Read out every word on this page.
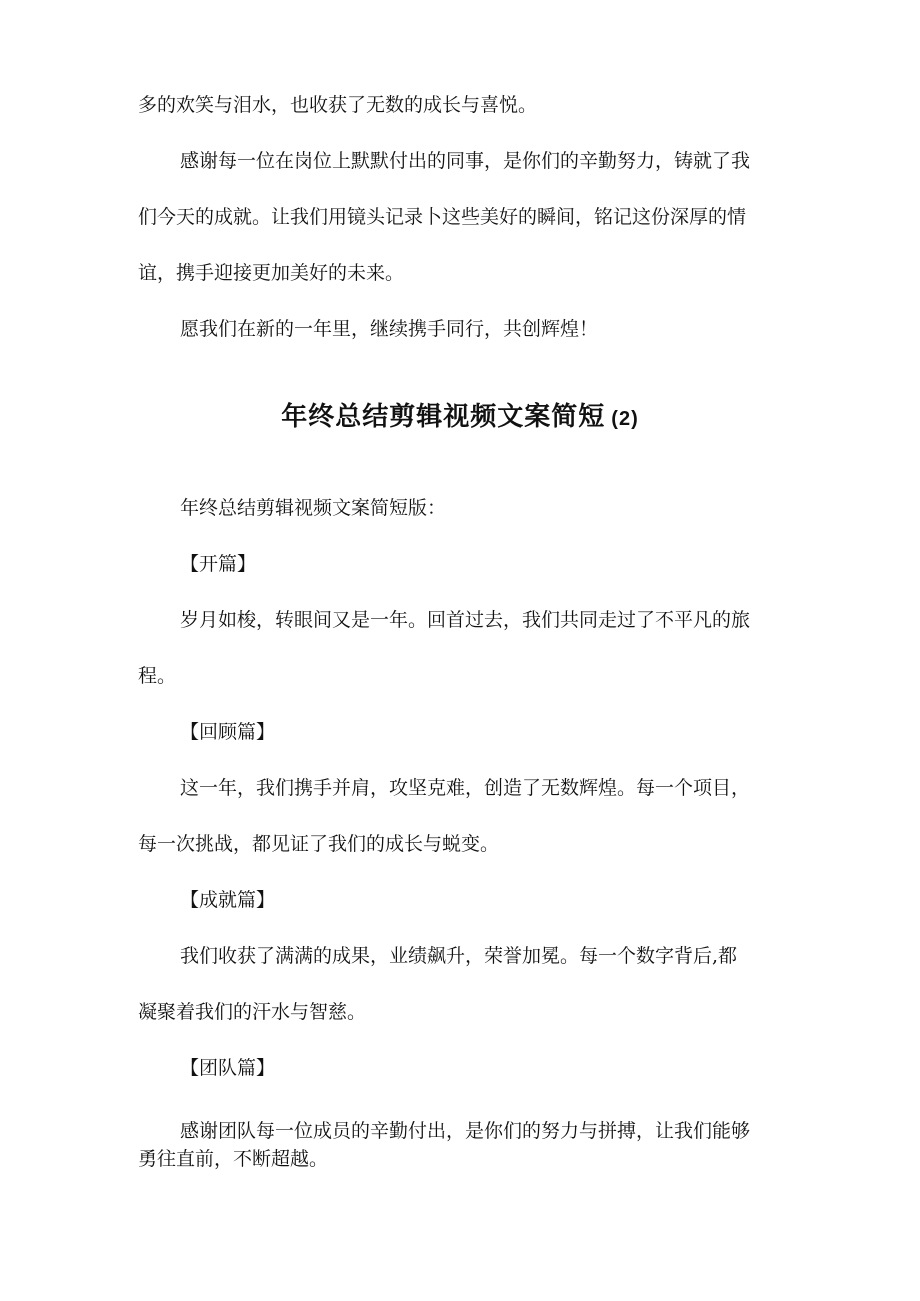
多的欢笑与泪水，也收获了无数的成长与喜悦。

感谢每一位在岗位上默默付出的同事，是你们的辛勤努力，铸就了我

们今天的成就。让我们用镜头记录卜这些美好的瞬间，铭记这份深厚的情

谊，携手迎接更加美好的未来。

愿我们在新的一年里，继续携手同行，共创辉煌！

年终总结剪辑视频文案简短 (2)

年终总结剪辑视频文案简短版：

【开篇】

岁月如梭，转眼间又是一年。回首过去，我们共同走过了不平凡的旅

程。

【回顾篇】

这一年，我们携手并肩，攻坚克难，创造了无数辉煌。每一个项目，

每一次挑战，都见证了我们的成长与蜕变。

【成就篇】

我们收获了满满的成果，业绩飙升，荣誉加冕。每一个数字背后,都

凝聚着我们的汗水与智慈。

【团队篇】

感谢团队每一位成员的辛勤付出，是你们的努力与拼搏，让我们能够

勇往直前，不断超越。
